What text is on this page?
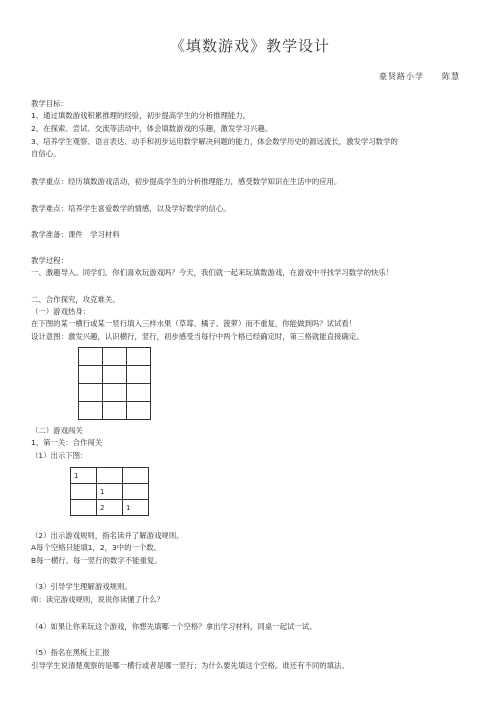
《填数游戏》教学设计
豪贤路小学　　陈慧
教学目标:
1、通过填数游戏积累推理的经验，初步提高学生的分析推理能力。
2、在探索、尝试、交流等活动中，体会填数游戏的乐趣，激发学习兴趣。
3、培养学生观察、语言表达、动手和初步运用数学解决问题的能力，体会数学历史的源远流长，激发学习数学的
自信心。
教学重点：经历填数游戏活动，初步提高学生的分析推理能力，感受数学知识在生活中的应用。
教学难点：培养学生喜爱数学的情感，以及学好数学的信心。
教学准备：课件　学习材料
教学过程：
一、激趣导入。同学们，你们喜欢玩游戏吗？今天，我们就一起来玩填数游戏，在游戏中寻找学习数学的快乐！
二、合作探究，攻克难关。
（一）游戏热身：
在下图的某一横行或某一竖行填入三样水果（草莓、橘子、菠萝）而不重复，你能做到吗？试试看！
设计意图：激发兴趣，认识横行，竖行，初步感受当每行中两个格已经确定时，第三格就能直接确定。

（二）游戏闯关
1、第一关：合作闯关
（1）出示下图：
1		
	1	
	2	1
（2）出示游戏规则，指名读并了解游戏规则。
A每个空格只能填1，2，3中的一个数。
B每一横行、每一竖行的数字不能重复。
（3）引导学生理解游戏规则。
师：读完游戏规则，说说你读懂了什么？
（4）如果让你来玩这个游戏，你想先填哪一个空格？拿出学习材料，同桌一起试一试。
（5）指名在黑板上汇报
引导学生说清楚观察的是哪一横行或者是哪一竖行；为什么要先填这个空格。谁还有不同的填法。
